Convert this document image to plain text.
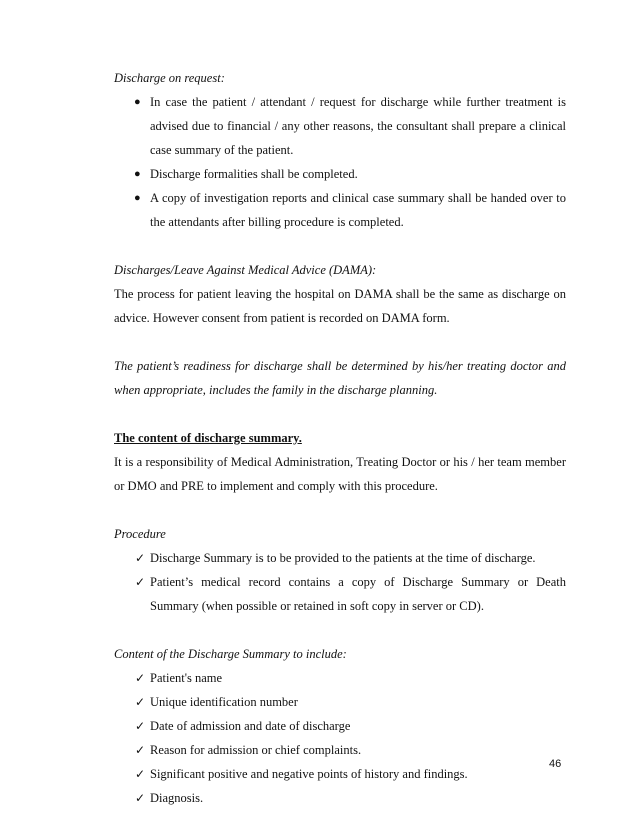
Discharge on request:

● In case the patient / attendant / request for discharge while further treatment is advised due to financial / any other reasons, the consultant shall prepare a clinical case summary of the patient.
● Discharge formalities shall be completed.
● A copy of investigation reports and clinical case summary shall be handed over to the attendants after billing procedure is completed.

Discharges/Leave Against Medical Advice (DAMA):

The process for patient leaving the hospital on DAMA shall be the same as discharge on advice. However consent from patient is recorded on DAMA form.

The patient’s readiness for discharge shall be determined by his/her treating doctor and when appropriate, includes the family in the discharge planning.

The content of discharge summary.

It is a responsibility of Medical Administration, Treating Doctor or his / her team member or DMO and PRE to implement and comply with this procedure.

Procedure

✓ Discharge Summary is to be provided to the patients at the time of discharge.
✓ Patient’s medical record contains a copy of Discharge Summary or Death Summary (when possible or retained in soft copy in server or CD).

Content of the Discharge Summary to include:

✓ Patient's name
✓ Unique identification number
✓ Date of admission and date of discharge
✓ Reason for admission or chief complaints.
✓ Significant positive and negative points of history and findings.
✓ Diagnosis.
46
